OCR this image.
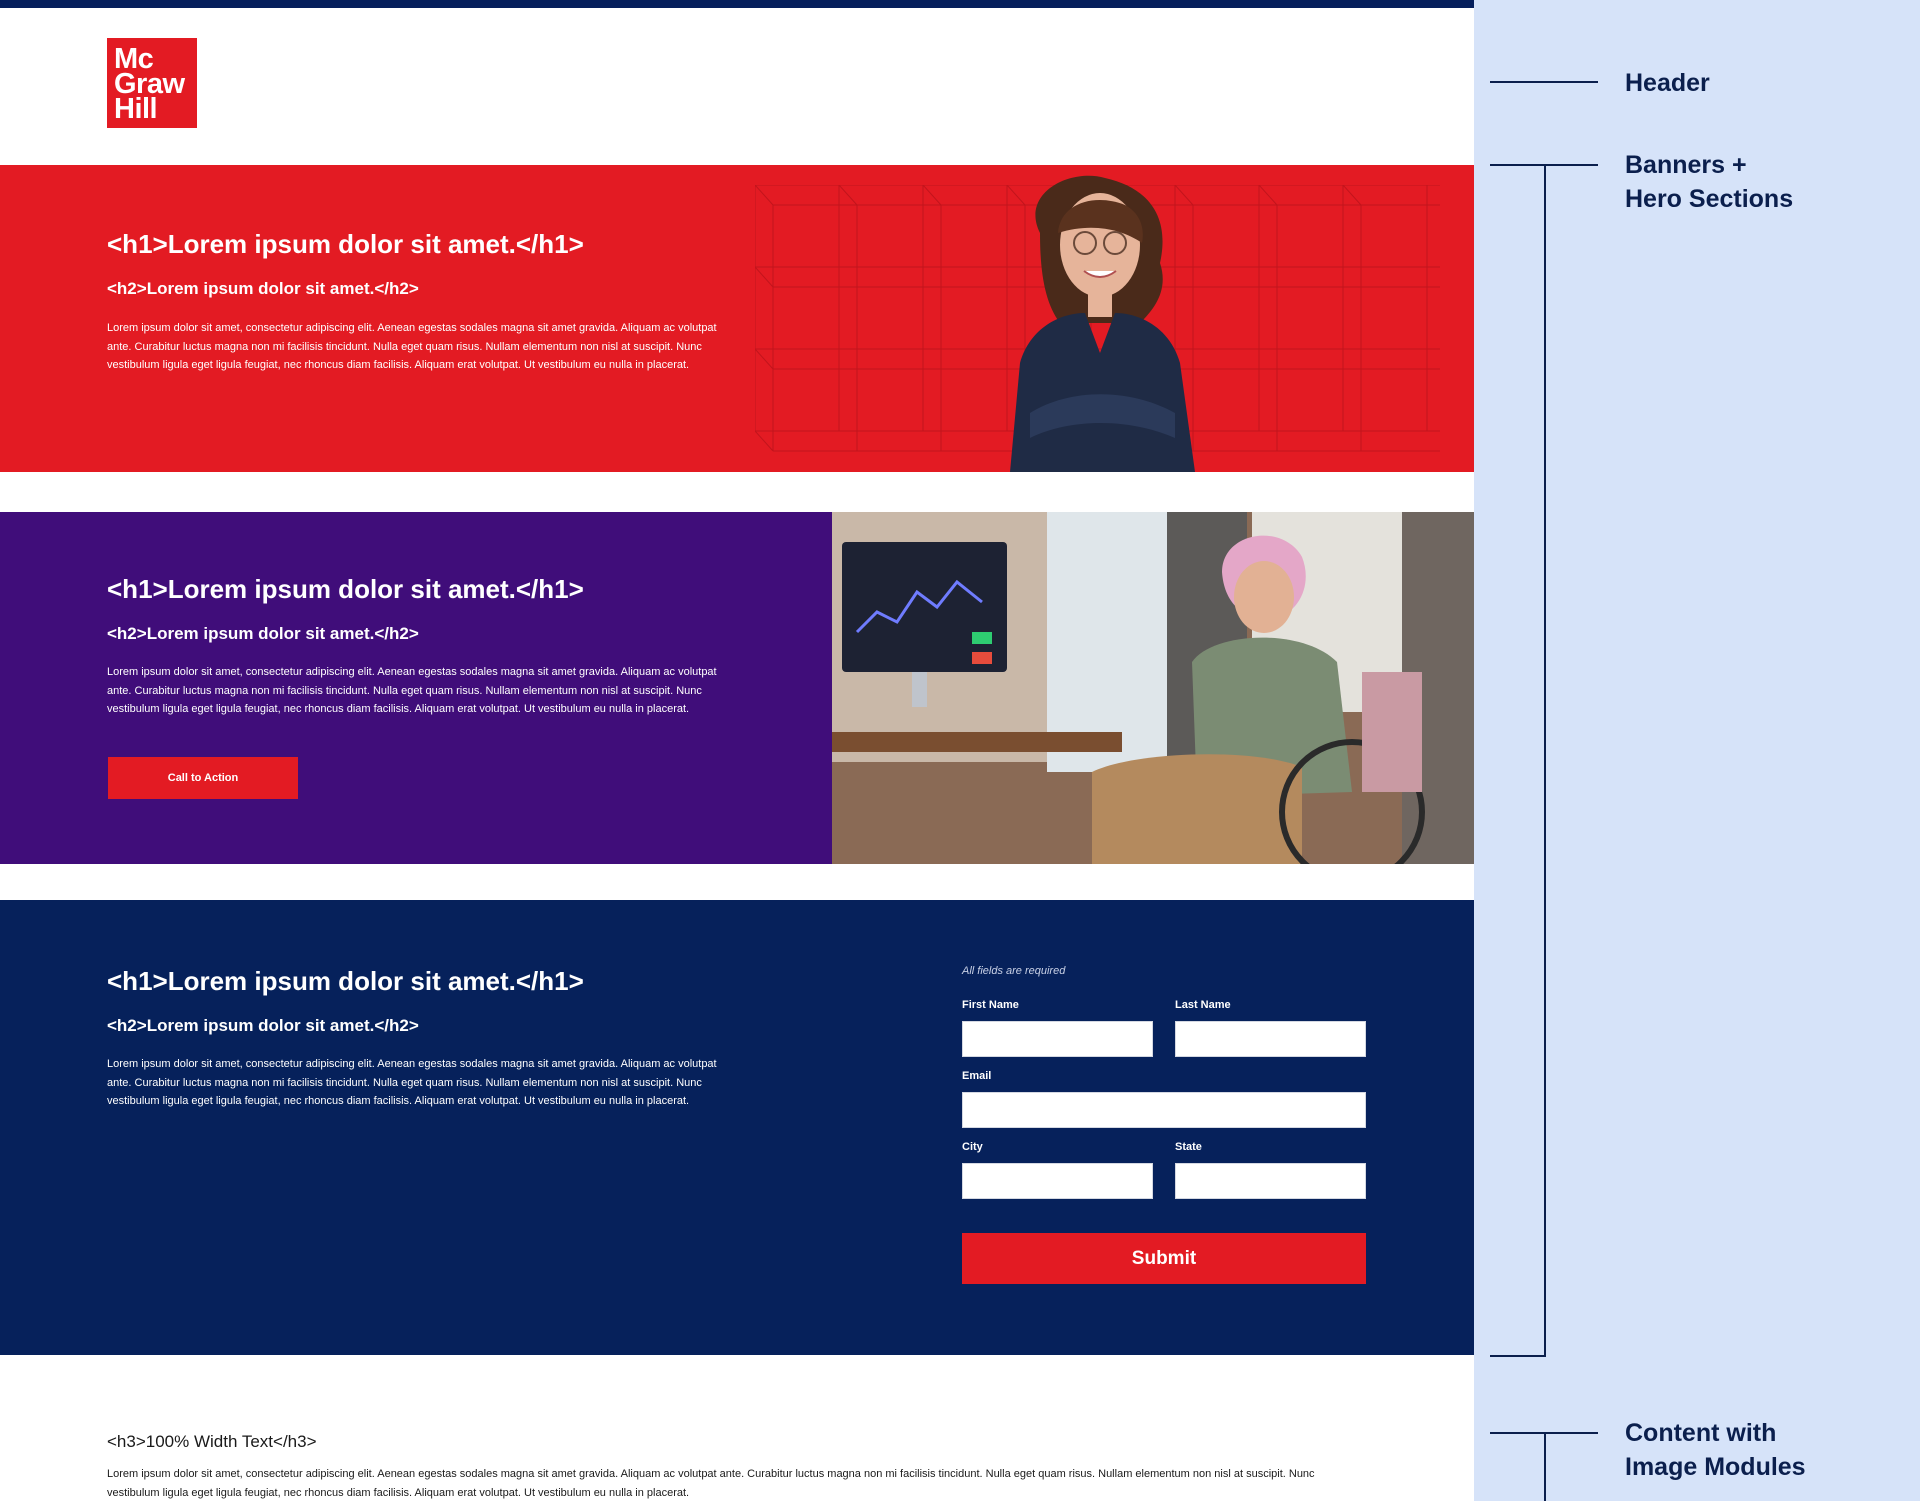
Mc
Graw
Hill
<h1>Lorem ipsum dolor sit amet.</h1>
<h2>Lorem ipsum dolor sit amet.</h2>
Lorem ipsum dolor sit amet, consectetur adipiscing elit. Aenean egestas sodales magna sit amet gravida. Aliquam ac volutpat ante. Curabitur luctus magna non mi facilisis tincidunt. Nulla eget quam risus. Nullam elementum non nisl at suscipit. Nunc vestibulum ligula eget ligula feugiat, nec rhoncus diam facilisis. Aliquam erat volutpat. Ut vestibulum eu nulla in placerat.
<h1>Lorem ipsum dolor sit amet.</h1>
<h2>Lorem ipsum dolor sit amet.</h2>
Lorem ipsum dolor sit amet, consectetur adipiscing elit. Aenean egestas sodales magna sit amet gravida. Aliquam ac volutpat ante. Curabitur luctus magna non mi facilisis tincidunt. Nulla eget quam risus. Nullam elementum non nisl at suscipit. Nunc vestibulum ligula eget ligula feugiat, nec rhoncus diam facilisis. Aliquam erat volutpat. Ut vestibulum eu nulla in placerat.
Call to Action
<h1>Lorem ipsum dolor sit amet.</h1>
<h2>Lorem ipsum dolor sit amet.</h2>
Lorem ipsum dolor sit amet, consectetur adipiscing elit. Aenean egestas sodales magna sit amet gravida. Aliquam ac volutpat ante. Curabitur luctus magna non mi facilisis tincidunt. Nulla eget quam risus. Nullam elementum non nisl at suscipit. Nunc vestibulum ligula eget ligula feugiat, nec rhoncus diam facilisis. Aliquam erat volutpat. Ut vestibulum eu nulla in placerat.
All fields are required
First Name	Last Name
Email
City	State
Submit
<h3>100% Width Text</h3>
Lorem ipsum dolor sit amet, consectetur adipiscing elit. Aenean egestas sodales magna sit amet gravida. Aliquam ac volutpat ante. Curabitur luctus magna non mi facilisis tincidunt. Nulla eget quam risus. Nullam elementum non nisl at suscipit. Nunc vestibulum ligula eget ligula feugiat, nec rhoncus diam facilisis. Aliquam erat volutpat. Ut vestibulum eu nulla in placerat.
Header
Banners +
Hero Sections
Content with
Image Modules
